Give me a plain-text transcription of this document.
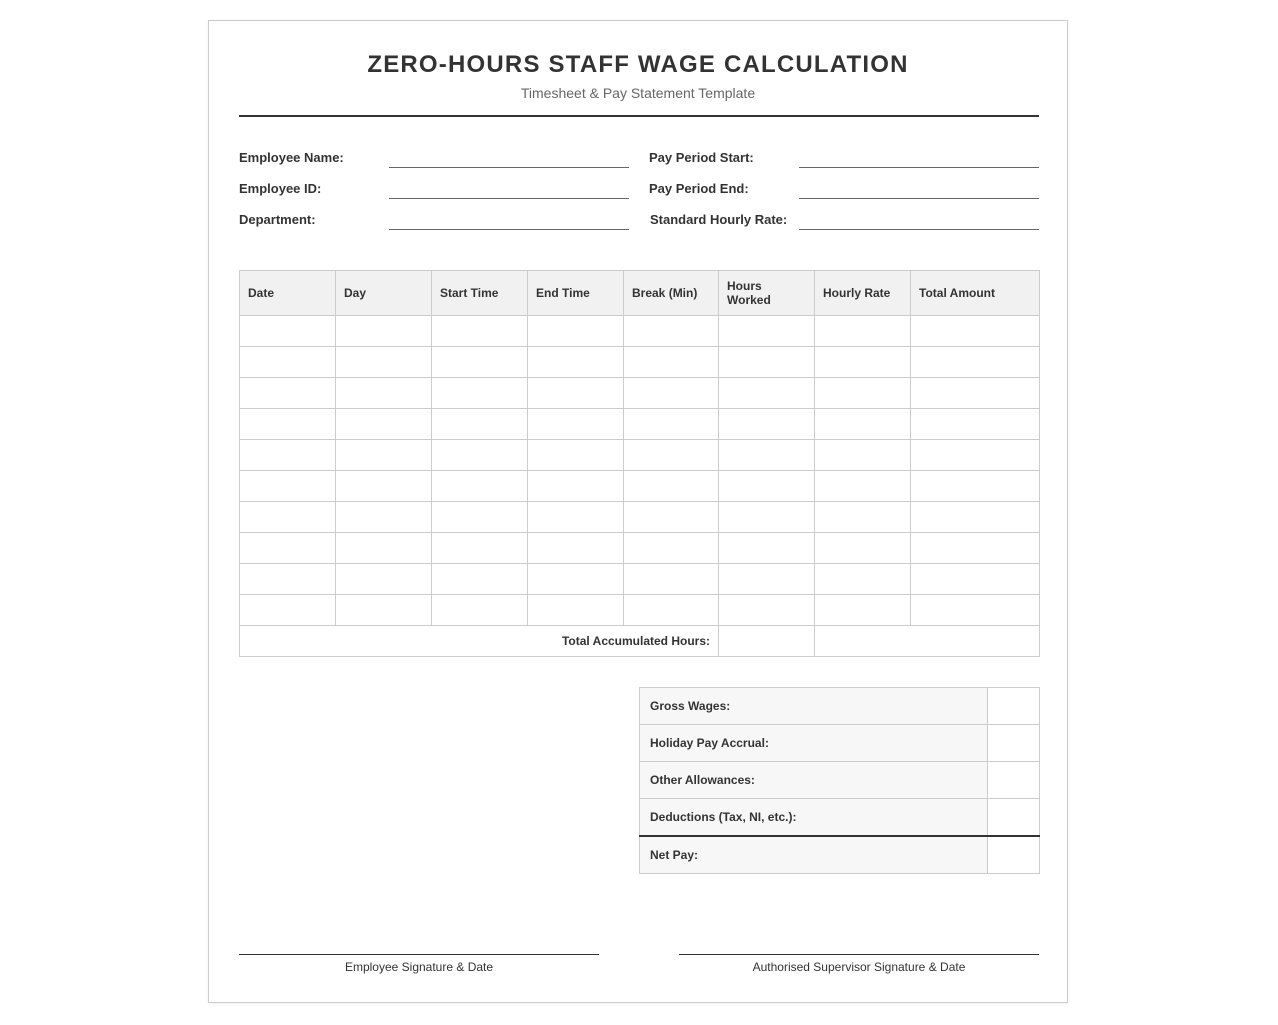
ZERO-HOURS STAFF WAGE CALCULATION
Timesheet & Pay Statement Template
Employee Name:
Employee ID:
Department:
Pay Period Start:
Pay Period End:
Standard Hourly Rate:
Date	Day	Start Time	End Time	Break (Min)	Hours Worked	Hourly Rate	Total Amount

Total Accumulated Hours:							
Gross Wages:	
Holiday Pay Accrual:	
Other Allowances:	
Deductions (Tax, NI, etc.):	
Net Pay:	
Employee Signature & Date	Authorised Supervisor Signature & Date
